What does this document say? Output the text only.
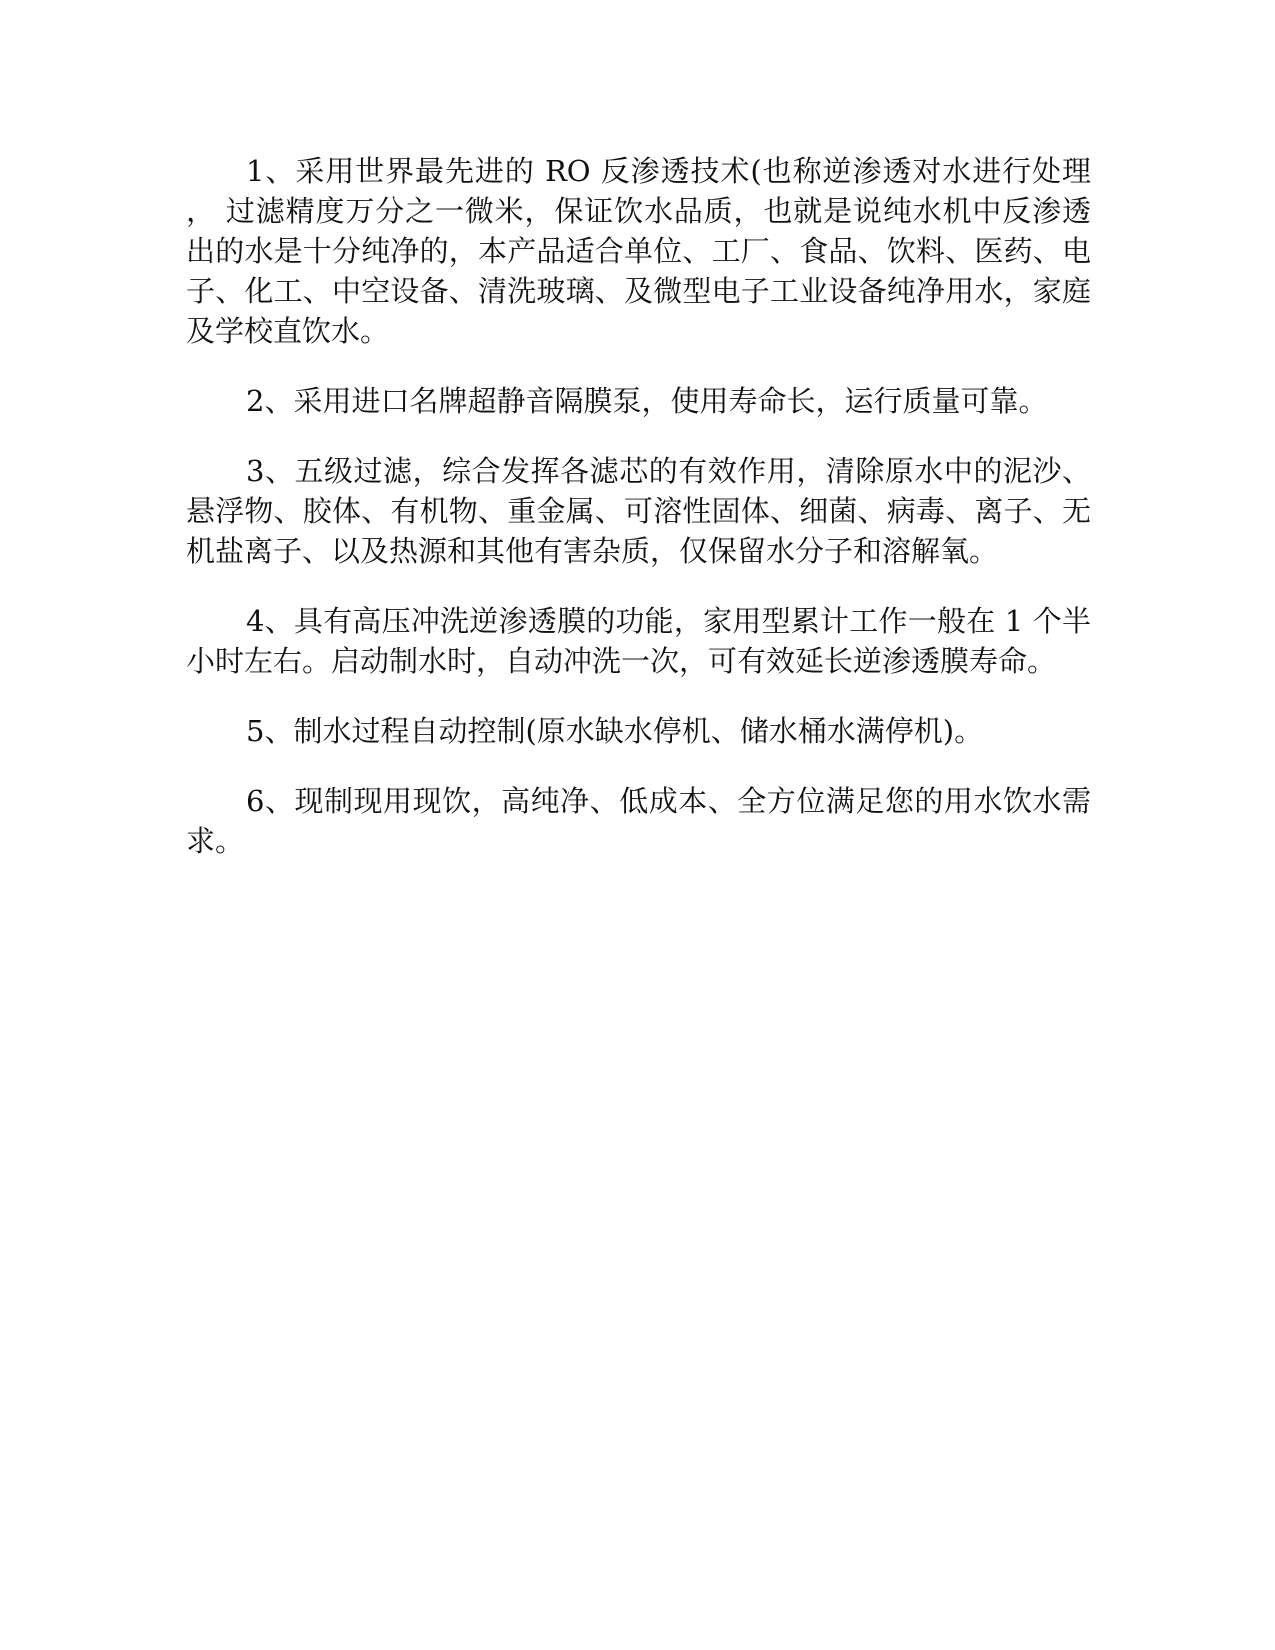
1、采用世界最先进的 RO 反渗透技术(也称逆渗透对水进行处理， 过滤精度万分之一微米，保证饮水品质，也就是说纯水机中反渗透出的水是十分纯净的，本产品适合单位、工厂、食品、饮料、医药、电子、化工、中空设备、清洗玻璃、及微型电子工业设备纯净用水，家庭及学校直饮水。

2、采用进口名牌超静音隔膜泵，使用寿命长，运行质量可靠。

3、五级过滤，综合发挥各滤芯的有效作用，清除原水中的泥沙、悬浮物、胶体、有机物、重金属、可溶性固体、细菌、病毒、离子、无机盐离子、以及热源和其他有害杂质，仅保留水分子和溶解氧。

4、具有高压冲洗逆渗透膜的功能，家用型累计工作一般在 1 个半小时左右。启动制水时，自动冲洗一次，可有效延长逆渗透膜寿命。

5、制水过程自动控制(原水缺水停机、储水桶水满停机)。

6、现制现用现饮，高纯净、低成本、全方位满足您的用水饮水需求。
